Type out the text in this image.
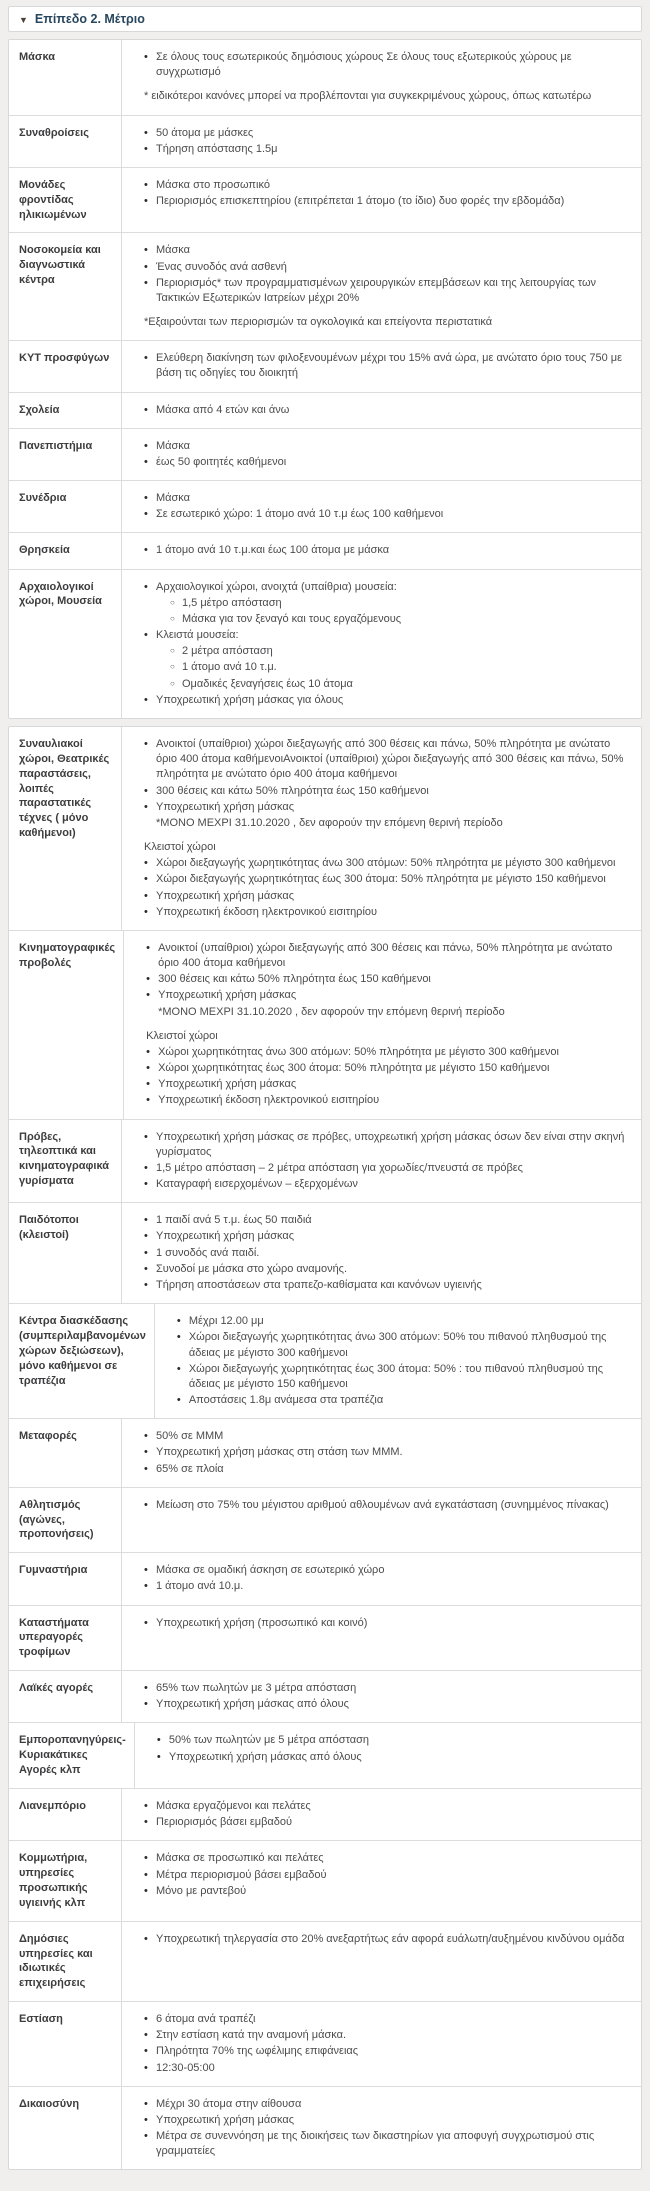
▼ Επίπεδο 2. Μέτριο
Μάσκα	• Σε όλους τους εσωτερικούς δημόσιους χώρους Σε όλους τους εξωτερικούς χώρους με συγχρωτισμό
* ειδικότεροι κανόνες μπορεί να προβλέπονται για συγκεκριμένους χώρους, όπως κατωτέρω
Συναθροίσεις	• 50 άτομα με μάσκες
• Τήρηση απόστασης 1.5μ
Μονάδες φροντίδας ηλικιωμένων
• Μάσκα στο προσωπικό
• Περιορισμός επισκεπτηρίου (επιτρέπεται 1 άτομο (το ίδιο) δυο φορές την εβδομάδα)
Νοσοκομεία και διαγνωστικά κέντρα
• Μάσκα
• Ένας συνοδός ανά ασθενή
• Περιορισμός* των προγραμματισμένων χειρουργικών επεμβάσεων και της λειτουργίας των Τακτικών Εξωτερικών Ιατρείων μέχρι 20%
*Εξαιρούνται των περιορισμών τα ογκολογικά και επείγοντα περιστατικά
ΚΥΤ προσφύγων	• Ελεύθερη διακίνηση των φιλοξενουμένων μέχρι του 15% ανά ώρα, με ανώτατο όριο τους 750 με βάση τις οδηγίες του διοικητή
Σχολεία	• Μάσκα από 4 ετών και άνω
Πανεπιστήμια	• Μάσκα
• έως 50 φοιτητές καθήμενοι
Συνέδρια	• Μάσκα
• Σε εσωτερικό χώρο: 1 άτομο ανά 10 τ.μ έως 100 καθήμενοι
Θρησκεία	• 1 άτομο ανά 10 τ.μ.και έως 100 άτομα με μάσκα
Αρχαιολογικοί χώροι, Μουσεία
• Αρχαιολογικοί χώροι, ανοιχτά (υπαίθρια) μουσεία:
○ 1,5 μέτρο απόσταση
○ Μάσκα για τον ξεναγό και τους εργαζόμενους
• Κλειστά μουσεία:
○ 2 μέτρα απόσταση
○ 1 άτομο ανά 10 τ.μ.
○ Ομαδικές ξεναγήσεις έως 10 άτομα
• Υποχρεωτική χρήση μάσκας για όλους
Συναυλιακοί χώροι, Θεατρικές παραστάσεις, λοιπές παραστατικές τέχνες ( μόνο καθήμενοι)
• Ανοικτοί (υπαίθριοι) χώροι διεξαγωγής από 300 θέσεις και πάνω, 50% πληρότητα με ανώτατο όριο 400 άτομα καθήμενοιΑνοικτοί (υπαίθριοι) χώροι διεξαγωγής από 300 θέσεις και πάνω, 50% πληρότητα με ανώτατο όριο 400 άτομα καθήμενοι
• 300 θέσεις και κάτω 50% πληρότητα έως 150 καθήμενοι
• Υποχρεωτική χρήση μάσκας
*ΜΟΝΟ ΜΕΧΡΙ 31.10.2020 , δεν αφορούν την επόμενη θερινή περίοδο
Κλειστοί χώροι
• Χώροι διεξαγωγής χωρητικότητας άνω 300 ατόμων: 50% πληρότητα με μέγιστο 300 καθήμενοι
• Χώροι διεξαγωγής χωρητικότητας έως 300 άτομα: 50% πληρότητα με μέγιστο 150 καθήμενοι
• Υποχρεωτική χρήση μάσκας
• Υποχρεωτική έκδοση ηλεκτρονικού εισιτηρίου
Κινηματογραφικές προβολές
• Ανοικτοί (υπαίθριοι) χώροι διεξαγωγής από 300 θέσεις και πάνω, 50% πληρότητα με ανώτατο όριο 400 άτομα καθήμενοι
• 300 θέσεις και κάτω 50% πληρότητα έως 150 καθήμενοι
• Υποχρεωτική χρήση μάσκας
*ΜΟΝΟ ΜΕΧΡΙ 31.10.2020 , δεν αφορούν την επόμενη θερινή περίοδο
Κλειστοί χώροι
• Χώροι χωρητικότητας άνω 300 ατόμων: 50% πληρότητα με μέγιστο 300 καθήμενοι
• Χώροι χωρητικότητας έως 300 άτομα: 50% πληρότητα με μέγιστο 150 καθήμενοι
• Υποχρεωτική χρήση μάσκας
• Υποχρεωτική έκδοση ηλεκτρονικού εισιτηρίου
Πρόβες, τηλεοπτικά και κινηματογραφικά γυρίσματα
• Υποχρεωτική χρήση μάσκας σε πρόβες, υποχρεωτική χρήση μάσκας όσων δεν είναι στην σκηνή γυρίσματος
• 1,5 μέτρο απόσταση – 2 μέτρα απόσταση για χορωδίες/πνευστά σε πρόβες
• Καταγραφή εισερχομένων – εξερχομένων
Παιδότοποι (κλειστοί)
• 1 παιδί ανά 5 τ.μ. έως 50 παιδιά
• Υποχρεωτική χρήση μάσκας
• 1 συνοδός ανά παιδί.
• Συνοδοί με μάσκα στο χώρο αναμονής.
• Τήρηση αποστάσεων στα τραπεζο-καθίσματα και κανόνων υγιεινής
Κέντρα διασκέδασης (συμπεριλαμβανομένων χώρων δεξιώσεων), μόνο καθήμενοι σε τραπέζια
• Μέχρι 12.00 μμ
• Χώροι διεξαγωγής χωρητικότητας άνω 300 ατόμων: 50% του πιθανού πληθυσμού της άδειας με μέγιστο 300 καθήμενοι
• Χώροι διεξαγωγής χωρητικότητας έως 300 άτομα: 50% : του πιθανού πληθυσμού της άδειας με μέγιστο 150 καθήμενοι
• Αποστάσεις 1.8μ ανάμεσα στα τραπέζια
Μεταφορές	• 50% σε ΜΜΜ
• Υποχρεωτική χρήση μάσκας στη στάση των ΜΜΜ.
• 65% σε πλοία
Αθλητισμός (αγώνες, προπονήσεις)
• Μείωση στο 75% του μέγιστου αριθμού αθλουμένων ανά εγκατάσταση (συνημμένος πίνακας)
Γυμναστήρια	• Μάσκα σε ομαδική άσκηση σε εσωτερικό χώρο
• 1 άτομο ανά 10.μ.
Καταστήματα υπεραγορές τροφίμων
• Υποχρεωτική χρήση (προσωπικό και κοινό)
Λαϊκές αγορές	• 65% των πωλητών με 3 μέτρα απόσταση
• Υποχρεωτική χρήση μάσκας από όλους
Εμποροπανηγύρεις-Κυριακάτικες Αγορές κλπ
• 50% των πωλητών με 5 μέτρα απόσταση
• Υποχρεωτική χρήση μάσκας από όλους
Λιανεμπόριο	• Μάσκα εργαζόμενοι και πελάτες
• Περιορισμός βάσει εμβαδού
Κομμωτήρια, υπηρεσίες προσωπικής υγιεινής κλπ
• Μάσκα σε προσωπικό και πελάτες
• Μέτρα περιορισμού βάσει εμβαδού
• Μόνο με ραντεβού
Δημόσιες υπηρεσίες και ιδιωτικές επιχειρήσεις
• Υποχρεωτική τηλεργασία στο 20% ανεξαρτήτως εάν αφορά ευάλωτη/αυξημένου κινδύνου ομάδα
Εστίαση	• 6 άτομα ανά τραπέζι
• Στην εστίαση κατά την αναμονή μάσκα.
• Πληρότητα 70% της ωφέλιμης επιφάνειας
• 12:30-05:00
Δικαιοσύνη	• Μέχρι 30 άτομα στην αίθουσα
• Υποχρεωτική χρήση μάσκας
• Μέτρα σε συνεννόηση με της διοικήσεις των δικαστηρίων για αποφυγή συγχρωτισμού στις γραμματείες
